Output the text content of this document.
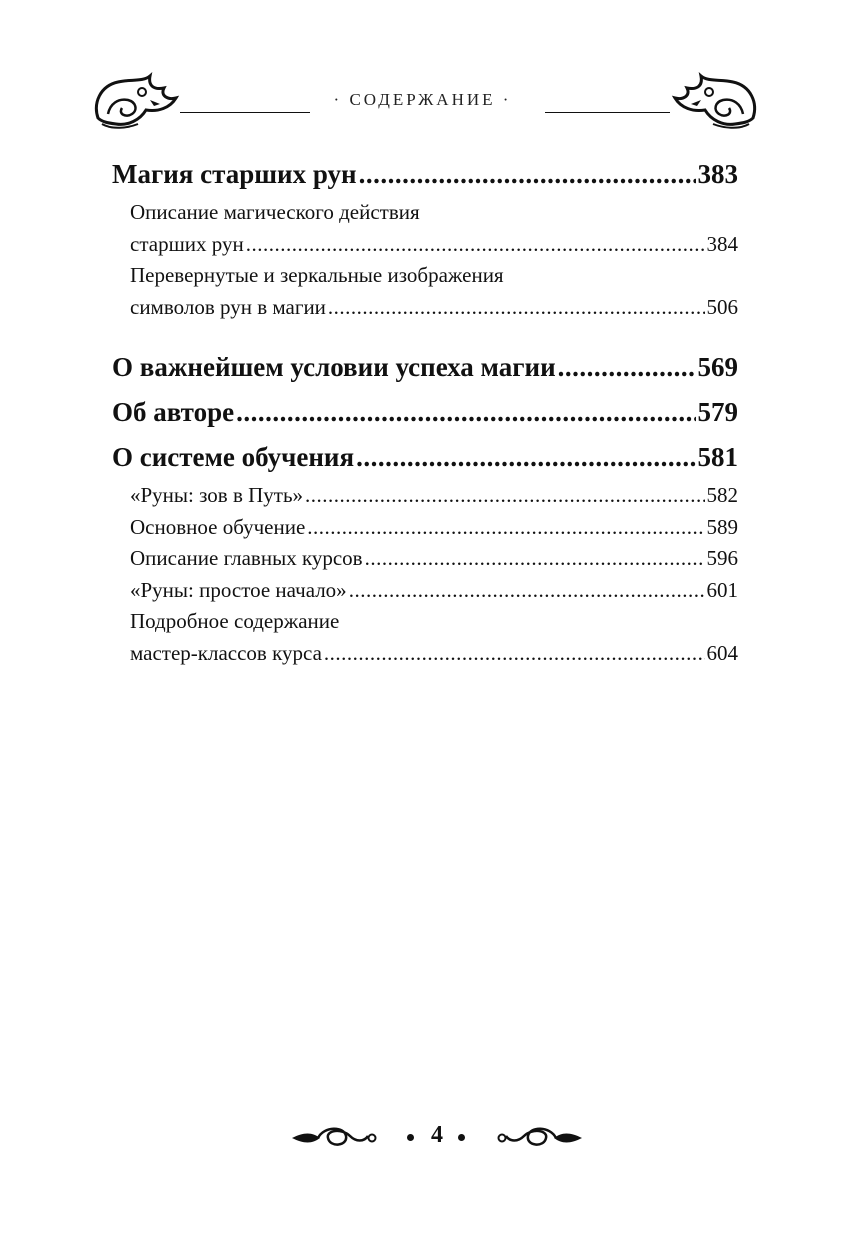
· СОДЕРЖАНИЕ ·
Магия старших рун .....	383
Описание магического действия
старших рун .....	384
Перевернутые и зеркальные изображения
символов рун в магии .....	506
О важнейшем условии успеха магии .....	569
Об авторе .....	579
О системе обучения .....	581
«Руны: зов в Путь» .....	582
Основное обучение .....	589
Описание главных курсов .....	596
«Руны: простое начало» .....	601
Подробное содержание
мастер-классов курса .....	604
4
